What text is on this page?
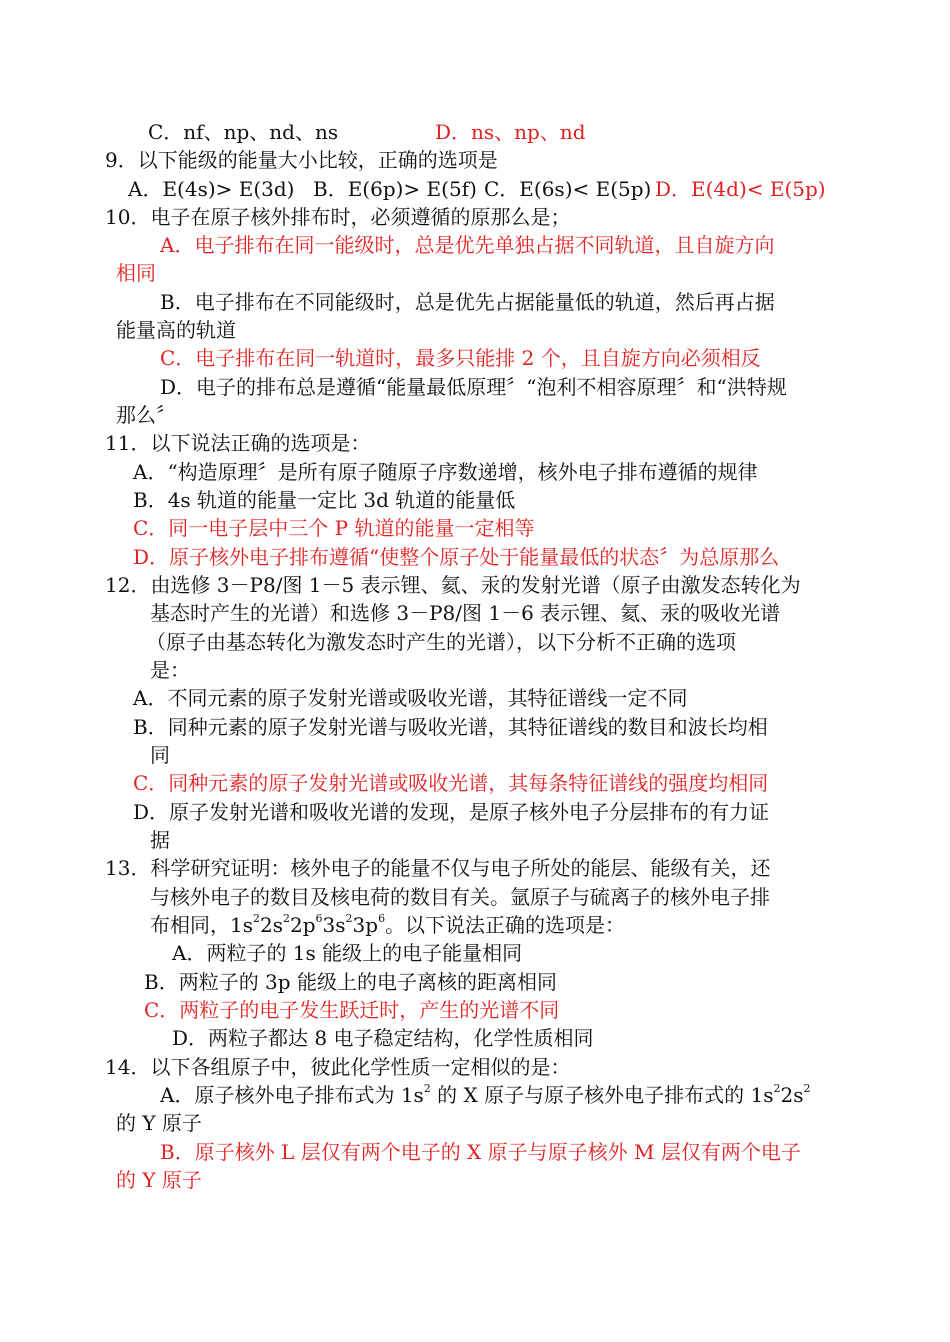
C．nf、np、nd、ns	D．ns、np、nd
9．以下能级的能量大小比较，正确的选项是
A．E(4s)> E(3d) B．E(6p)> E(5f) C．E(6s)< E(5p) D．E(4d)< E(5p)
10．电子在原子核外排布时，必须遵循的原那么是；
A．电子排布在同一能级时，总是优先单独占据不同轨道，且自旋方向
相同
B．电子排布在不同能级时，总是优先占据能量低的轨道，然后再占据
能量高的轨道
C．电子排布在同一轨道时，最多只能排 2 个，且自旋方向必须相反
D．电子的排布总是遵循“能量最低原理〞“泡利不相容原理〞和“洪特规
那么〞
11．以下说法正确的选项是：
A．“构造原理〞是所有原子随原子序数递增，核外电子排布遵循的规律
B．4s 轨道的能量一定比 3d 轨道的能量低
C．同一电子层中三个 P 轨道的能量一定相等
D．原子核外电子排布遵循“使整个原子处于能量最低的状态〞为总原那么
12．由选修 3－P8/图 1－5 表示锂、氦、汞的发射光谱（原子由激发态转化为
基态时产生的光谱）和选修 3－P8/图 1－6 表示锂、氦、汞的吸收光谱
（原子由基态转化为激发态时产生的光谱），以下分析不正确的选项
是：
A．不同元素的原子发射光谱或吸收光谱，其特征谱线一定不同
B．同种元素的原子发射光谱与吸收光谱，其特征谱线的数目和波长均相
同
C．同种元素的原子发射光谱或吸收光谱，其每条特征谱线的强度均相同
D．原子发射光谱和吸收光谱的发现，是原子核外电子分层排布的有力证
据
13．科学研究证明：核外电子的能量不仅与电子所处的能层、能级有关，还
与核外电子的数目及核电荷的数目有关。氩原子与硫离子的核外电子排
布相同，$1s^22s^22p^63s^23p^6$。以下说法正确的选项是：
A．两粒子的 1s 能级上的电子能量相同
B．两粒子的 3p 能级上的电子离核的距离相同
C．两粒子的电子发生跃迁时，产生的光谱不同
D．两粒子都达 8 电子稳定结构，化学性质相同
14．以下各组原子中，彼此化学性质一定相似的是：
A．原子核外电子排布式为 $1s^2$ 的 X 原子与原子核外电子排布式的 $1s^22s^2$
的 Y 原子
B．原子核外 L 层仅有两个电子的 X 原子与原子核外 M 层仅有两个电子
的 Y 原子
